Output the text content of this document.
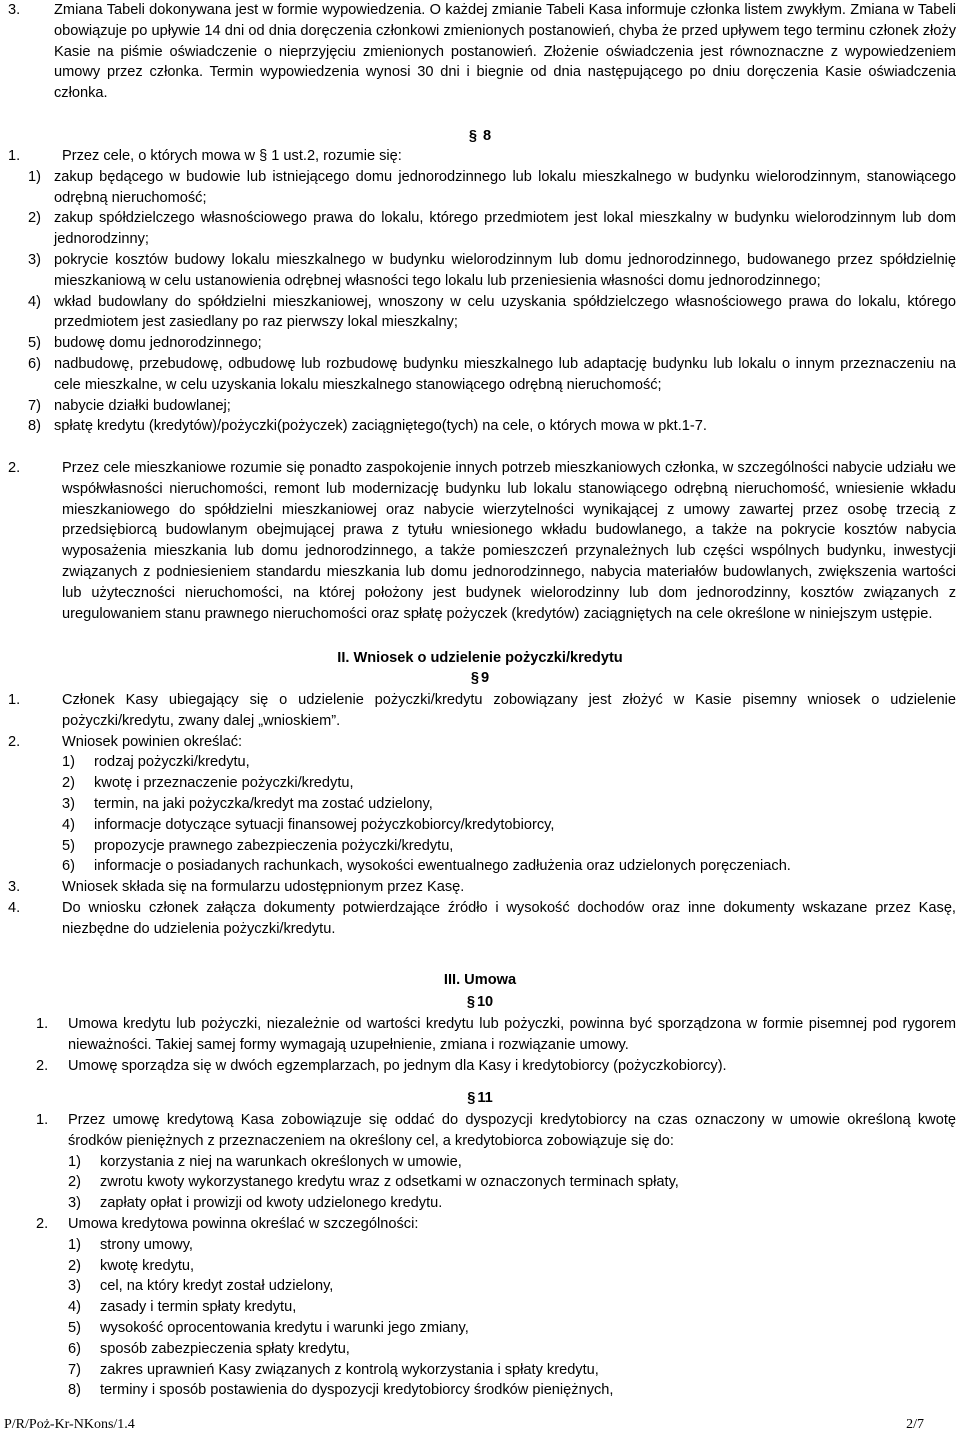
3.	Zmiana Tabeli dokonywana jest w formie wypowiedzenia. O każdej zmianie Tabeli Kasa informuje członka listem zwykłym. Zmiana w Tabeli obowiązuje po upływie 14 dni od dnia doręczenia członkowi zmienionych postanowień, chyba że przed upływem tego terminu członek złoży Kasie na piśmie oświadczenie o nieprzyjęciu zmienionych postanowień. Złożenie oświadczenia jest równoznaczne z wypowiedzeniem umowy przez członka. Termin wypowiedzenia wynosi 30 dni i biegnie od dnia następującego po dniu doręczenia Kasie oświadczenia członka.
§ 8
1.	Przez cele, o których mowa w § 1 ust.2, rozumie się:
1) zakup będącego w budowie lub istniejącego domu jednorodzinnego lub lokalu mieszkalnego w budynku wielorodzinnym, stanowiącego odrębną nieruchomość;
2) zakup spółdzielczego własnościowego prawa do lokalu, którego przedmiotem jest lokal mieszkalny w budynku wielorodzinnym lub dom jednorodzinny;
3) pokrycie kosztów budowy lokalu mieszkalnego w budynku wielorodzinnym lub domu jednorodzinnego, budowanego przez spółdzielnię mieszkaniową w celu ustanowienia odrębnej własności tego lokalu lub przeniesienia własności domu jednorodzinnego;
4) wkład budowlany do spółdzielni mieszkaniowej, wnoszony w celu uzyskania spółdzielczego własnościowego prawa do lokalu, którego przedmiotem jest zasiedlany po raz pierwszy lokal mieszkalny;
5) budowę domu jednorodzinnego;
6) nadbudowę, przebudowę, odbudowę lub rozbudowę budynku mieszkalnego lub adaptację budynku lub lokalu o innym przeznaczeniu na cele mieszkalne, w celu uzyskania lokalu mieszkalnego stanowiącego odrębną nieruchomość;
7) nabycie działki budowlanej;
8) spłatę kredytu (kredytów)/pożyczki(pożyczek) zaciągniętego(tych) na cele, o których mowa w pkt.1-7.
2.	Przez cele mieszkaniowe rozumie się ponadto zaspokojenie innych potrzeb mieszkaniowych członka, w szczególności nabycie udziału we współwłasności nieruchomości, remont lub modernizację budynku lub lokalu stanowiącego odrębną nieruchomość, wniesienie wkładu mieszkaniowego do spółdzielni mieszkaniowej oraz nabycie wierzytelności wynikającej z umowy zawartej przez osobę trzecią z przedsiębiorcą budowlanym obejmującej prawa z tytułu wniesionego wkładu budowlanego, a także na pokrycie kosztów nabycia wyposażenia mieszkania lub domu jednorodzinnego, a także pomieszczeń przynależnych lub części wspólnych budynku, inwestycji związanych z podniesieniem standardu mieszkania lub domu jednorodzinnego, nabycia materiałów budowlanych, zwiększenia wartości lub użyteczności nieruchomości, na której położony jest budynek wielorodzinny lub dom jednorodzinny, kosztów związanych z uregulowaniem stanu prawnego nieruchomości oraz spłatę pożyczek (kredytów) zaciągniętych na cele określone w niniejszym ustępie.
II. Wniosek o udzielenie pożyczki/kredytu
§ 9
1.	Członek Kasy ubiegający się o udzielenie pożyczki/kredytu zobowiązany jest złożyć w Kasie pisemny wniosek o udzielenie pożyczki/kredytu, zwany dalej „wnioskiem”.
2.	Wniosek powinien określać:
1)	rodzaj pożyczki/kredytu,
2)	kwotę i przeznaczenie pożyczki/kredytu,
3)	termin, na jaki pożyczka/kredyt ma zostać udzielony,
4)	informacje dotyczące sytuacji finansowej pożyczkobiorcy/kredytobiorcy,
5)	propozycje prawnego zabezpieczenia pożyczki/kredytu,
6)	informacje o posiadanych rachunkach, wysokości ewentualnego zadłużenia oraz udzielonych poręczeniach.
3.	Wniosek składa się na formularzu udostępnionym przez Kasę.
4.	Do wniosku członek załącza dokumenty potwierdzające źródło i wysokość dochodów oraz inne dokumenty wskazane przez Kasę, niezbędne do udzielenia pożyczki/kredytu.
III. Umowa
§ 10
1.	Umowa kredytu lub pożyczki, niezależnie od wartości kredytu lub pożyczki, powinna być sporządzona w formie pisemnej pod rygorem nieważności. Takiej samej formy wymagają uzupełnienie, zmiana i rozwiązanie umowy.
2.	Umowę sporządza się w dwóch egzemplarzach, po jednym dla Kasy i kredytobiorcy (pożyczkobiorcy).
§ 11
1.	Przez umowę kredytową Kasa zobowiązuje się oddać do dyspozycji kredytobiorcy na czas oznaczony w umowie określoną kwotę środków pieniężnych z przeznaczeniem na określony cel, a kredytobiorca zobowiązuje się do:
1)	korzystania z niej na warunkach określonych w umowie,
2)	zwrotu kwoty wykorzystanego kredytu wraz z odsetkami w oznaczonych terminach spłaty,
3)	zapłaty opłat i prowizji od kwoty udzielonego kredytu.
2.	Umowa kredytowa powinna określać w szczególności:
1)	strony umowy,
2)	kwotę kredytu,
3)	cel, na który kredyt został udzielony,
4)	zasady i termin spłaty kredytu,
5)	wysokość oprocentowania kredytu i warunki jego zmiany,
6)	sposób zabezpieczenia spłaty kredytu,
7)	zakres uprawnień Kasy związanych z kontrolą wykorzystania i spłaty kredytu,
8)	terminy i sposób postawienia do dyspozycji kredytobiorcy środków pieniężnych,
P/R/Poż-Kr-NKons/1.4	2/7
